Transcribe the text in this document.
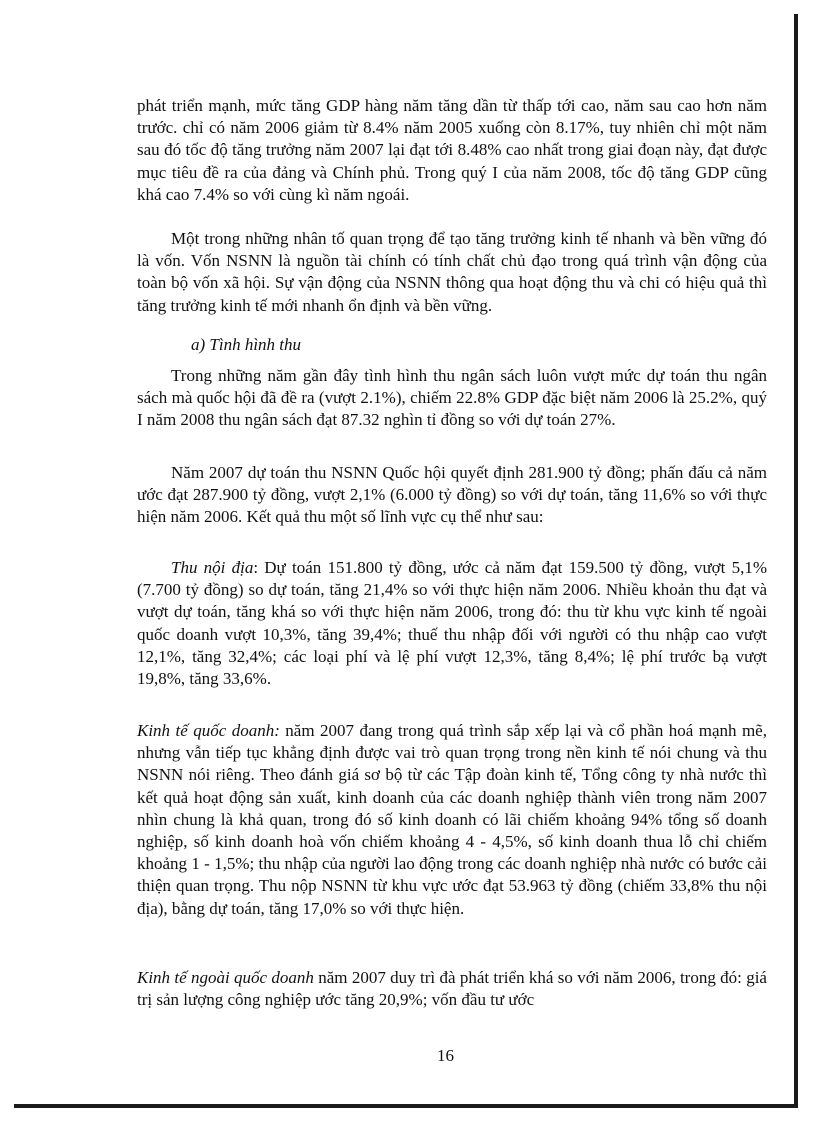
phát triển mạnh, mức tăng GDP hàng năm tăng dần từ thấp tới cao, năm sau cao hơn năm trước. chỉ có năm 2006 giảm từ 8.4% năm 2005 xuống còn 8.17%, tuy nhiên chỉ một năm sau đó tốc độ tăng trưởng năm 2007 lại đạt tới 8.48% cao nhất trong giai đoạn này, đạt được mục tiêu đề ra của đảng và Chính phủ. Trong quý I của năm 2008, tốc độ tăng GDP cũng khá cao 7.4% so với cùng kì năm ngoái.

Một trong những nhân tố quan trọng để tạo tăng trưởng kinh tế nhanh và bền vững đó là vốn. Vốn NSNN là nguồn tài chính có tính chất chủ đạo trong quá trình vận động của toàn bộ vốn xã hội. Sự vận động của NSNN thông qua hoạt động thu và chi có hiệu quả thì tăng trưởng kinh tế mới nhanh ổn định và bền vững.

a) Tình hình thu

Trong những năm gần đây tình hình thu ngân sách luôn vượt mức dự toán thu ngân sách mà quốc hội đã đề ra (vượt 2.1%), chiếm 22.8% GDP đặc biệt năm 2006 là 25.2%, quý I năm 2008 thu ngân sách đạt 87.32 nghìn tỉ đồng so với dự toán 27%.

Năm 2007 dự toán thu NSNN Quốc hội quyết định 281.900 tỷ đồng; phấn đấu cả năm ước đạt 287.900 tỷ đồng, vượt 2,1% (6.000 tỷ đồng) so với dự toán, tăng 11,6% so với thực hiện năm 2006. Kết quả thu một số lĩnh vực cụ thể như sau:

Thu nội địa: Dự toán 151.800 tỷ đồng, ước cả năm đạt 159.500 tỷ đồng, vượt 5,1% (7.700 tỷ đồng) so dự toán, tăng 21,4% so với thực hiện năm 2006. Nhiều khoản thu đạt và vượt dự toán, tăng khá so với thực hiện năm 2006, trong đó: thu từ khu vực kinh tế ngoài quốc doanh vượt 10,3%, tăng 39,4%; thuế thu nhập đối với người có thu nhập cao vượt 12,1%, tăng 32,4%; các loại phí và lệ phí vượt 12,3%, tăng 8,4%; lệ phí trước bạ vượt 19,8%, tăng 33,6%.

Kinh tế quốc doanh: năm 2007 đang trong quá trình sắp xếp lại và cổ phần hoá mạnh mẽ, nhưng vẫn tiếp tục khẳng định được vai trò quan trọng trong nền kinh tế nói chung và thu NSNN nói riêng. Theo đánh giá sơ bộ từ các Tập đoàn kinh tế, Tổng công ty nhà nước thì kết quả hoạt động sản xuất, kinh doanh của các doanh nghiệp thành viên trong năm 2007 nhìn chung là khả quan, trong đó số kinh doanh có lãi chiếm khoảng 94% tổng số doanh nghiệp, số kinh doanh hoà vốn chiếm khoảng 4 - 4,5%, số kinh doanh thua lỗ chỉ chiếm khoảng 1 - 1,5%; thu nhập của người lao động trong các doanh nghiệp nhà nước có bước cải thiện quan trọng. Thu nộp NSNN từ khu vực ước đạt 53.963 tỷ đồng (chiếm 33,8% thu nội địa), bằng dự toán, tăng 17,0% so với thực hiện.

Kinh tế ngoài quốc doanh năm 2007 duy trì đà phát triển khá so với năm 2006, trong đó: giá trị sản lượng công nghiệp ước tăng 20,9%; vốn đầu tư ước

16
